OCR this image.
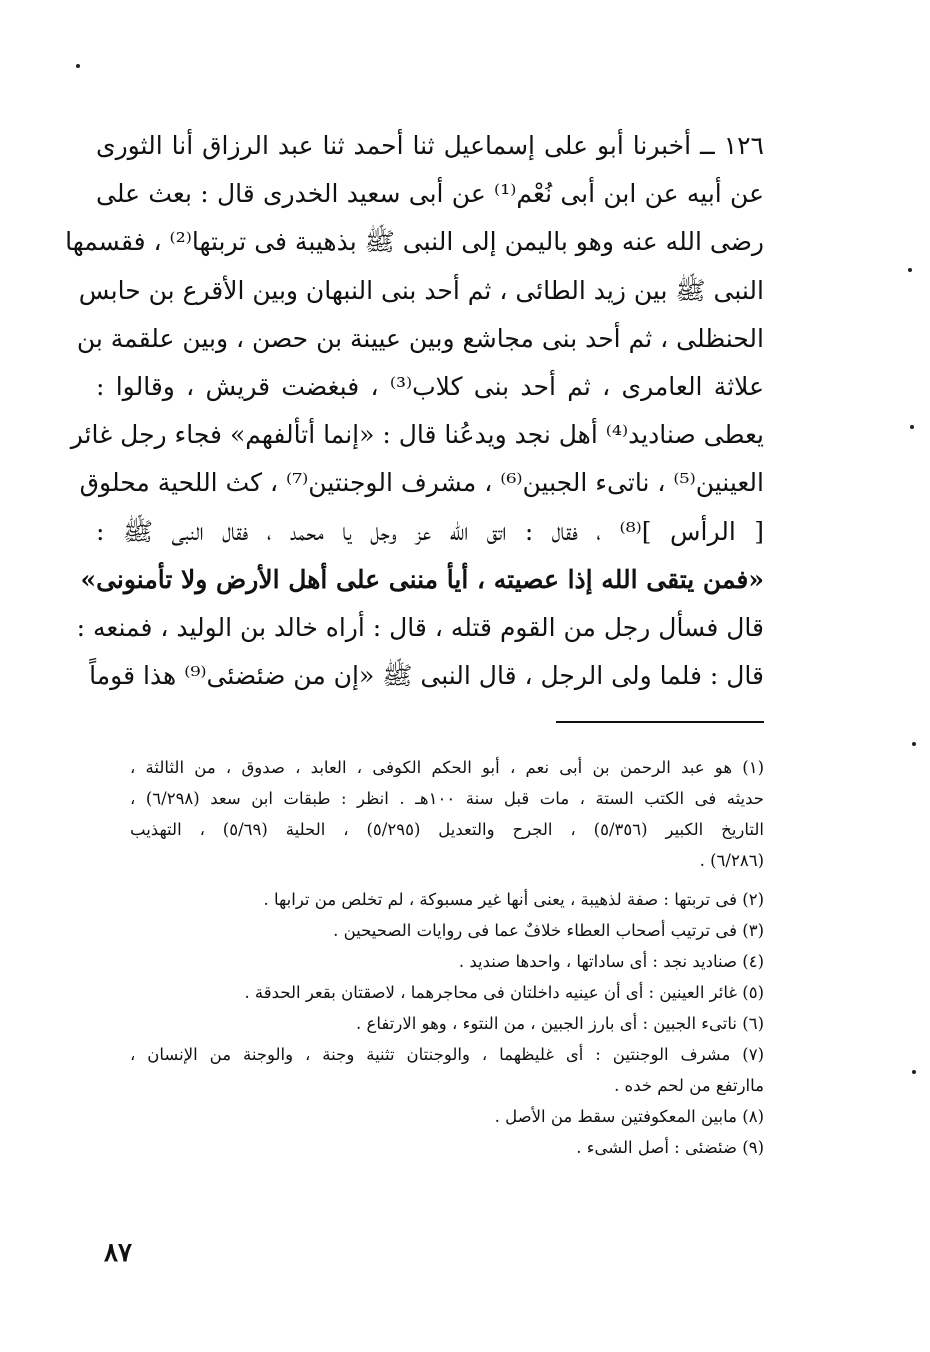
١٢٦ ــ أخبرنا أبو على إسماعيل ثنا أحمد ثنا عبد الرزاق أنا الثورى
عن أبيه عن ابن أبى نُعْم⁽¹⁾ عن أبى سعيد الخدرى قال : بعث على
رضى الله عنه وهو باليمن إلى النبى ﷺ بذهيبة فى تربتها⁽²⁾ ، فقسمها
النبى ﷺ بين زيد الطائى ، ثم أحد بنى النبهان وبين الأقرع بن حابس
الحنظلى ، ثم أحد بنى مجاشع وبين عيينة بن حصن ، وبين علقمة بن
علاثة العامرى ، ثم أحد بنى كلاب⁽³⁾ ، فبغضت قريش ، وقالوا :
يعطى صناديد⁽⁴⁾ أهل نجد ويدعُنا قال : «إنما أتألفهم» فجاء رجل غائر
العينين⁽⁵⁾ ، ناتىء الجبين⁽⁶⁾ ، مشرف الوجنتين⁽⁷⁾ ، كث اللحية محلوق
[ الرأس ]⁽⁸⁾ ، فقال : اتق الله عز وجل يا محمد ، فقال النبى ﷺ :
«فمن يتقى الله إذا عصيته ، أيأ مننى على أهل الأرض ولا تأمنونى»
قال فسأل رجل من القوم قتله ، قال : أراه خالد بن الوليد ، فمنعه :
قال : فلما ولى الرجل ، قال النبى ﷺ «إن من ضئضئى⁽⁹⁾ هذا قوماً
(١) هو عبد الرحمن بن أبى نعم ، أبو الحكم الكوفى ، العابد ، صدوق ، من الثالثة ،
حديثه فى الكتب الستة ، مات قبل سنة ١٠٠هـ . انظر : طبقات ابن سعد (٦/٢٩٨) ،
التاريخ الكبير (٥/٣٥٦) ، الجرح والتعديل (٥/٢٩٥) ، الحلية (٥/٦٩) ، التهذيب
(٦/٢٨٦) .
(٢) فى تربتها : صفة لذهيبة ، يعنى أنها غير مسبوكة ، لم تخلص من ترابها .
(٣) فى ترتيب أصحاب العطاء خلافٌ عما فى روايات الصحيحين .
(٤) صناديد نجد : أى ساداتها ، واحدها صنديد .
(٥) غائر العينين : أى أن عينيه داخلتان فى محاجرهما ، لاصقتان بقعر الحدقة .
(٦) ناتىء الجبين : أى بارز الجبين ، من النتوء ، وهو الارتفاع .
(٧) مشرف الوجنتين : أى غليظهما ، والوجنتان تثنية وجنة ، والوجنة من الإنسان ،
ماارتفع من لحم خده .
(٨) مابين المعكوفتين سقط من الأصل .
(٩) ضئضئى : أصل الشىء .
٨٧
